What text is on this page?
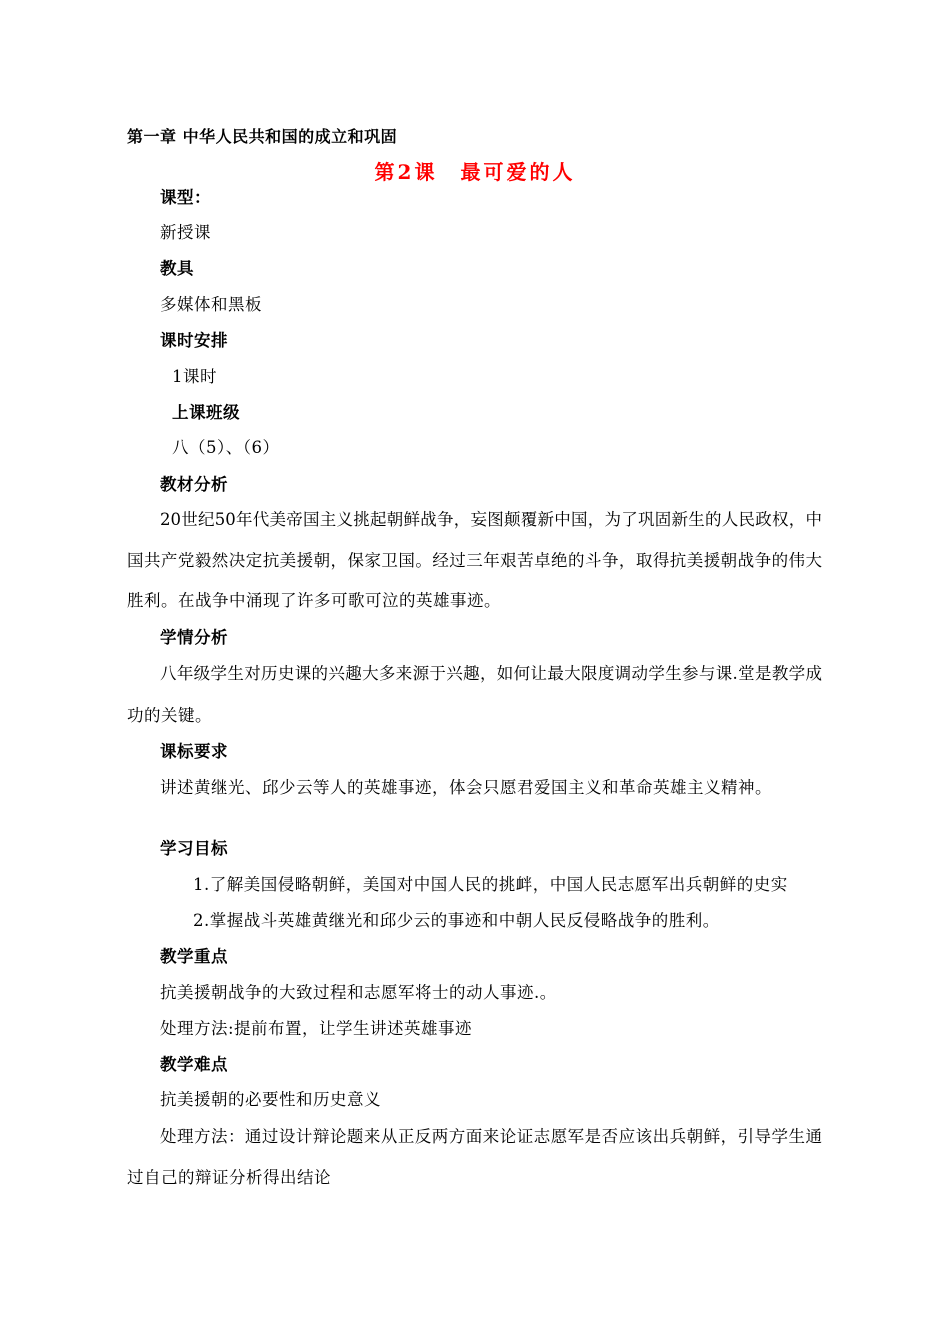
第一章 中华人民共和国的成立和巩固
第2课　最可爱的人
课型：
新授课
教具
多媒体和黑板
课时安排
1课时
上课班级
八（5）、（6）
教材分析
20世纪50年代美帝国主义挑起朝鲜战争，妄图颠覆新中国，为了巩固新生的人民政权，中
国共产党毅然决定抗美援朝，保家卫国。经过三年艰苦卓绝的斗争，取得抗美援朝战争的伟大
胜利。在战争中涌现了许多可歌可泣的英雄事迹。
学情分析
八年级学生对历史课的兴趣大多来源于兴趣，如何让最大限度调动学生参与课.堂是教学成
功的关键。
课标要求
讲述黄继光、邱少云等人的英雄事迹，体会只愿君爱国主义和革命英雄主义精神。
学习目标
1.了解美国侵略朝鲜，美国对中国人民的挑衅，中国人民志愿军出兵朝鲜的史实
2.掌握战斗英雄黄继光和邱少云的事迹和中朝人民反侵略战争的胜利。
教学重点
抗美援朝战争的大致过程和志愿军将士的动人事迹.。
处理方法:提前布置，让学生讲述英雄事迹
教学难点
抗美援朝的必要性和历史意义
处理方法：通过设计辩论题来从正反两方面来论证志愿军是否应该出兵朝鲜，引导学生通
过自己的辩证分析得出结论
